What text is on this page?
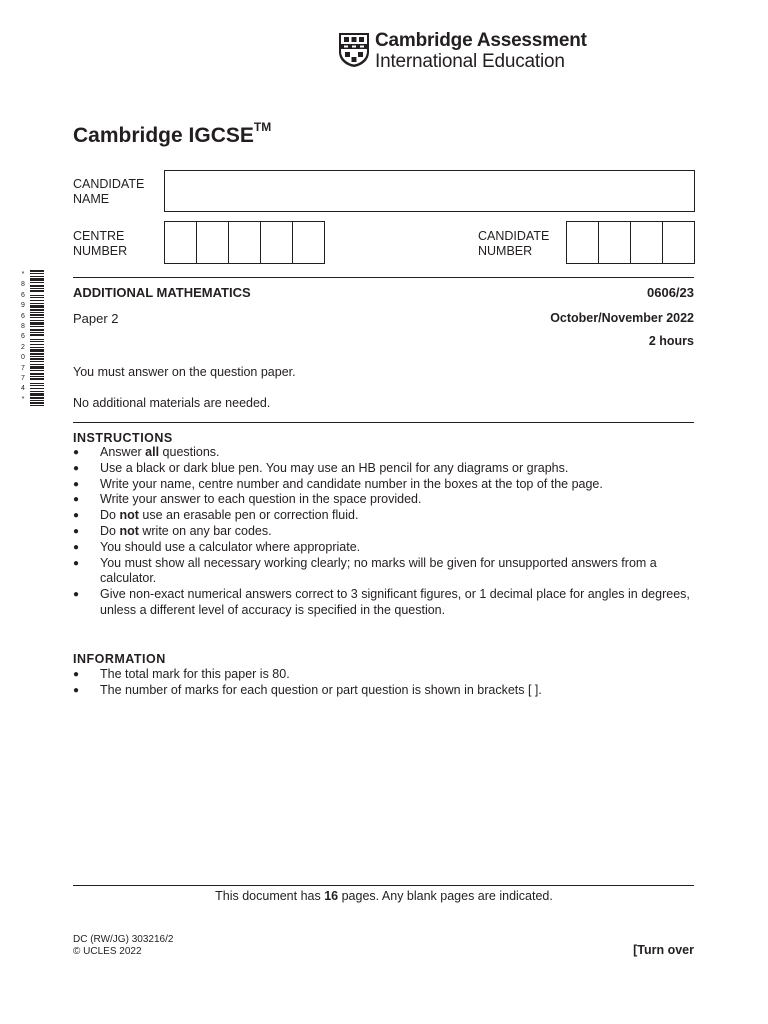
Cambridge Assessment
International Education
Cambridge IGCSE™
CANDIDATE
NAME
CENTRE
NUMBER
CANDIDATE
NUMBER
* 8 6 9 6 8 6 2 0 7 7 4 *
ADDITIONAL MATHEMATICS	0606/23
Paper 2	October/November 2022
2 hours
You must answer on the question paper.
No additional materials are needed.
INSTRUCTIONS
● Answer all questions.
● Use a black or dark blue pen. You may use an HB pencil for any diagrams or graphs.
● Write your name, centre number and candidate number in the boxes at the top of the page.
● Write your answer to each question in the space provided.
● Do not use an erasable pen or correction fluid.
● Do not write on any bar codes.
● You should use a calculator where appropriate.
● You must show all necessary working clearly; no marks will be given for unsupported answers from a calculator.
● Give non-exact numerical answers correct to 3 significant figures, or 1 decimal place for angles in degrees, unless a different level of accuracy is specified in the question.
INFORMATION
● The total mark for this paper is 80.
● The number of marks for each question or part question is shown in brackets [ ].
This document has 16 pages. Any blank pages are indicated.
DC (RW/JG) 303216/2
© UCLES 2022	[Turn over
